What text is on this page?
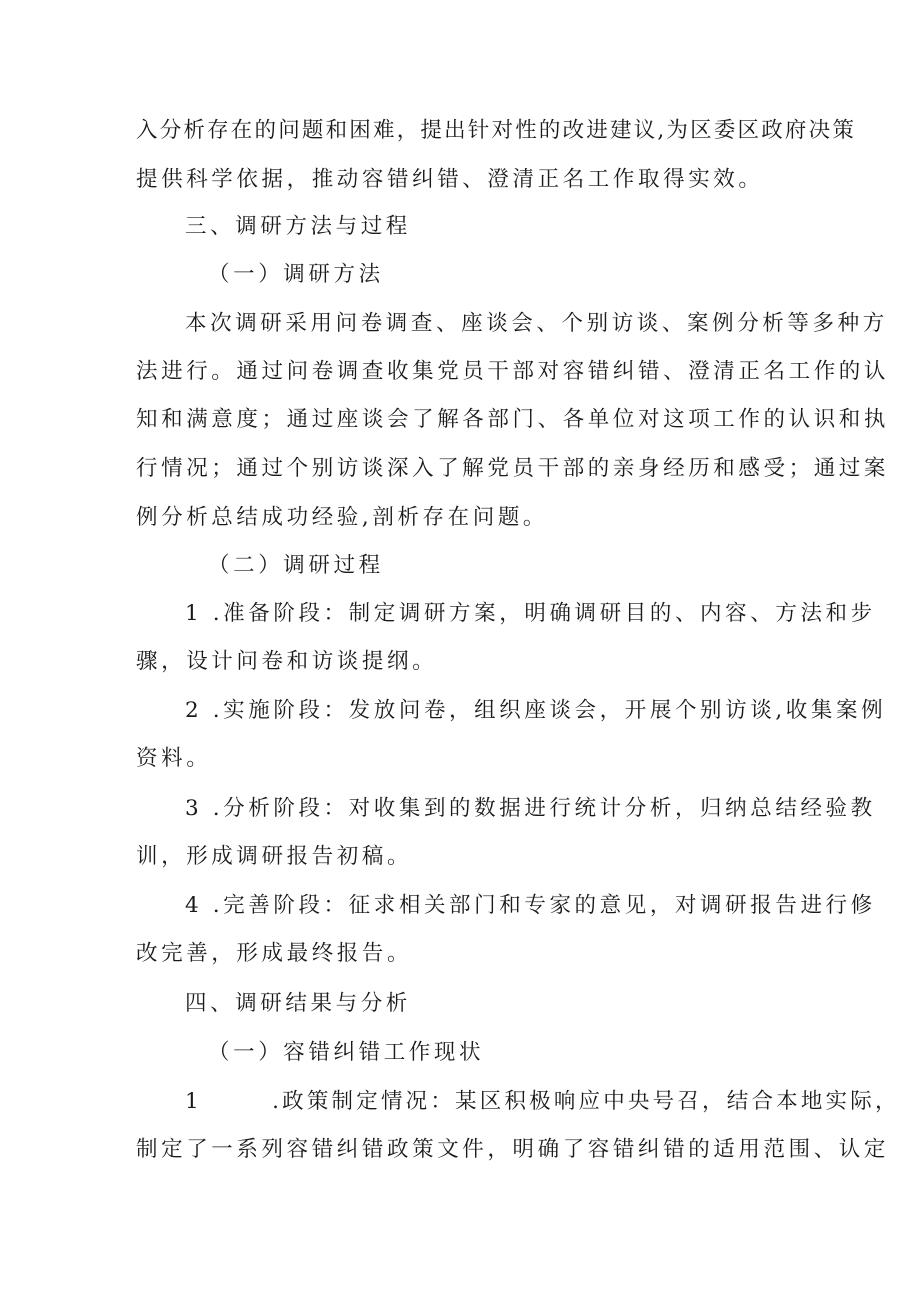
入分析存在的问题和困难，提出针对性的改进建议,为区委区政府决策
提供科学依据，推动容错纠错、澄清正名工作取得实效。
三、调研方法与过程
（一）调研方法
本次调研采用问卷调查、座谈会、个别访谈、案例分析等多种方
法进行。通过问卷调查收集党员干部对容错纠错、澄清正名工作的认
知和满意度；通过座谈会了解各部门、各单位对这项工作的认识和执
行情况；通过个别访谈深入了解党员干部的亲身经历和感受；通过案
例分析总结成功经验,剖析存在问题。
（二）调研过程
1 .准备阶段：制定调研方案，明确调研目的、内容、方法和步
骤，设计问卷和访谈提纲。
2 .实施阶段：发放问卷，组织座谈会，开展个别访谈,收集案例
资料。
3 .分析阶段：对收集到的数据进行统计分析，归纳总结经验教
训，形成调研报告初稿。
4 .完善阶段：征求相关部门和专家的意见，对调研报告进行修
改完善，形成最终报告。
四、调研结果与分析
（一）容错纠错工作现状
1       .政策制定情况：某区积极响应中央号召，结合本地实际，
制定了一系列容错纠错政策文件，明确了容错纠错的适用范围、认定
